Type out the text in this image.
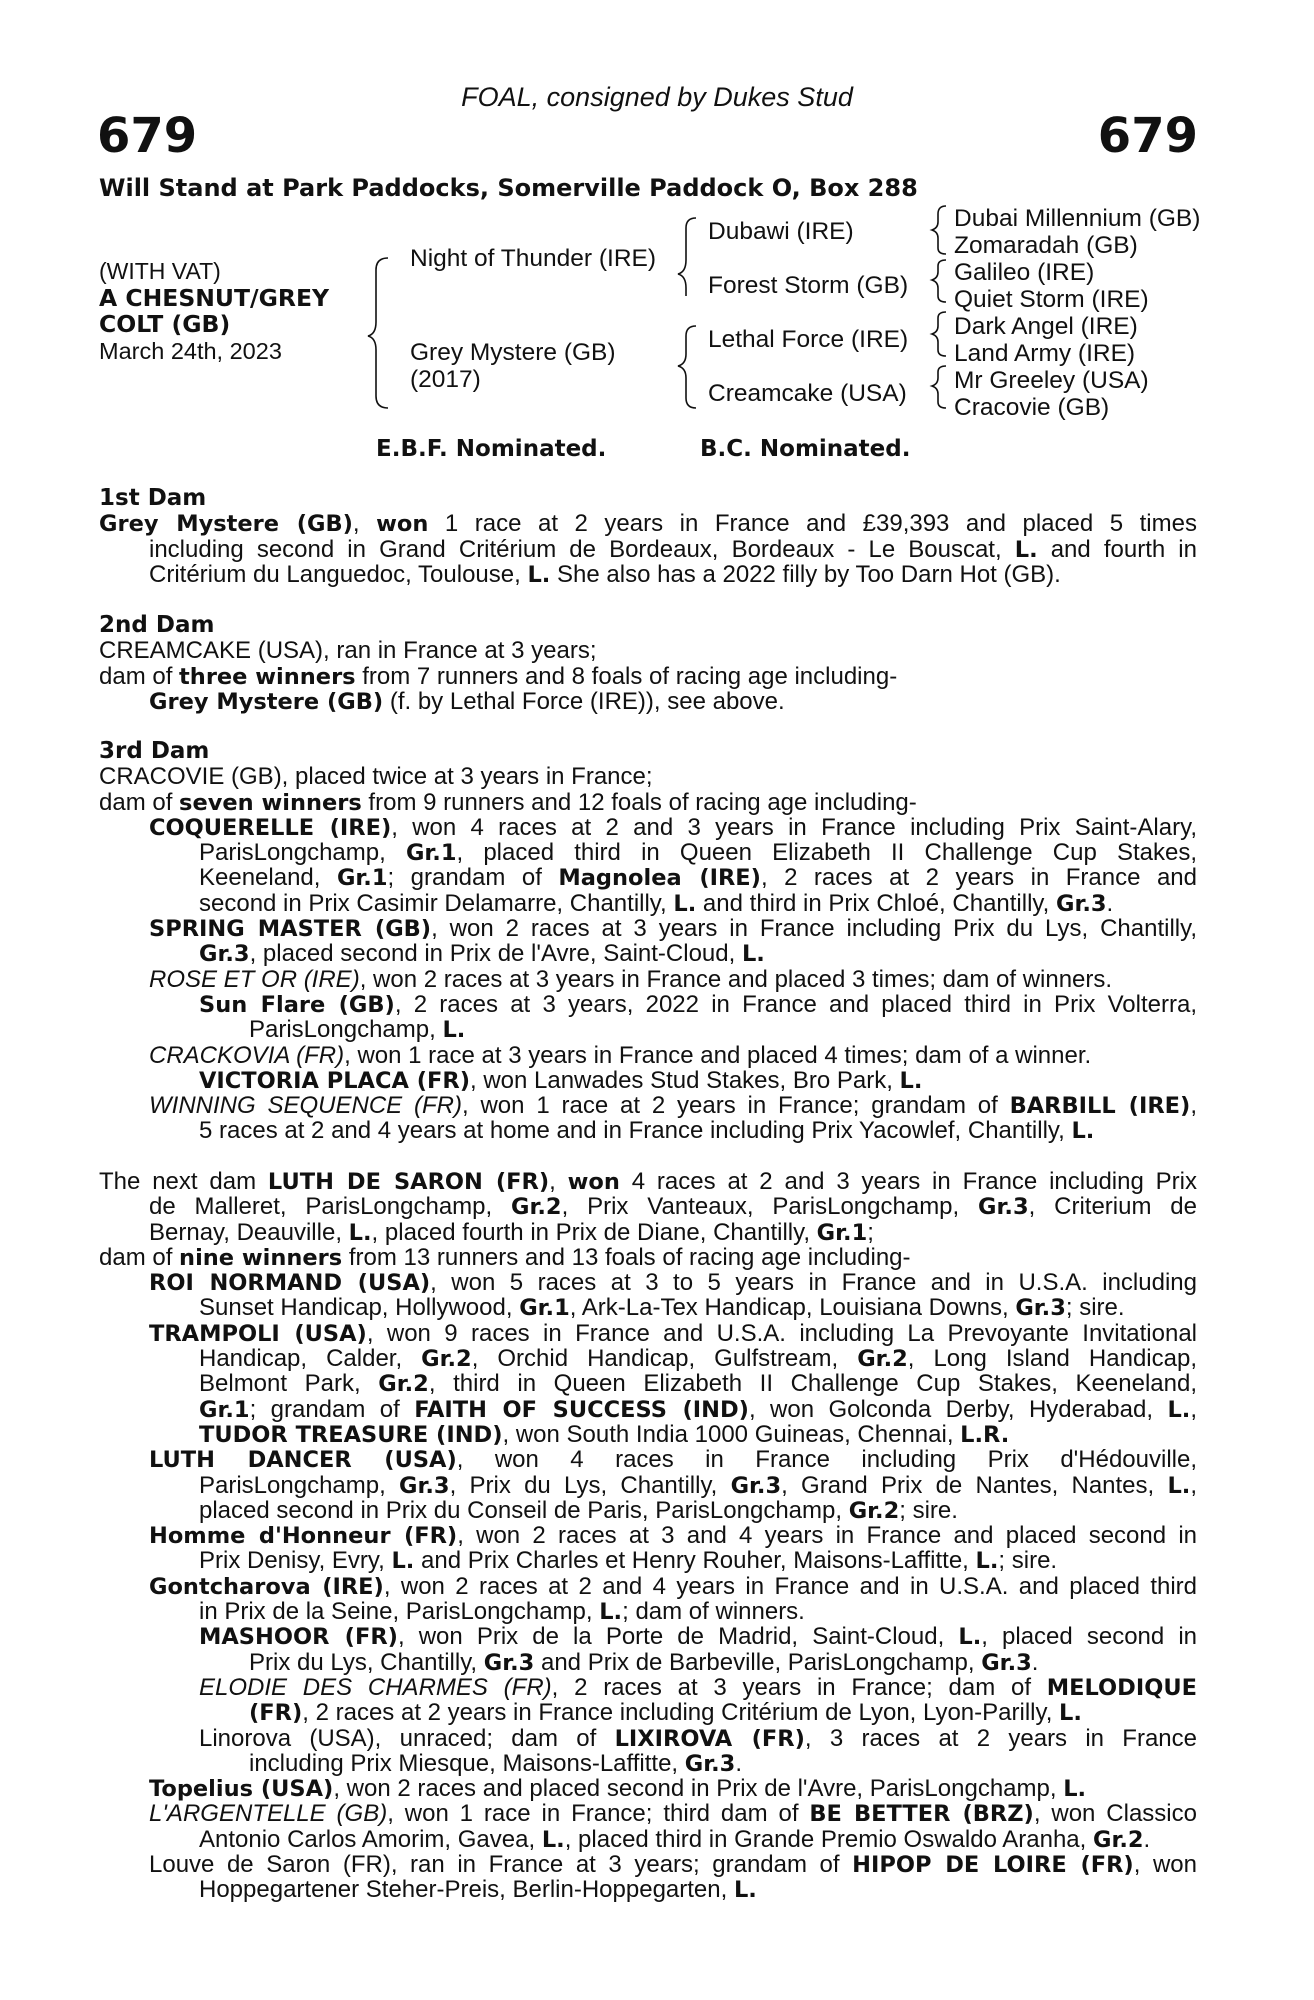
FOAL, consigned by Dukes Stud
679	679
Will Stand at Park Paddocks, Somerville Paddock O, Box 288
(WITH VAT)
A CHESNUT/GREY
COLT (GB)
March 24th, 2023
Night of Thunder (IRE)
Grey Mystere (GB)
(2017)
Dubawi (IRE)
Forest Storm (GB)
Lethal Force (IRE)
Creamcake (USA)
Dubai Millennium (GB)
Zomaradah (GB)
Galileo (IRE)
Quiet Storm (IRE)
Dark Angel (IRE)
Land Army (IRE)
Mr Greeley (USA)
Cracovie (GB)
E.B.F. Nominated.	B.C. Nominated.
1st Dam
Grey Mystere (GB), won 1 race at 2 years in France and £39,393 and placed 5 times
including second in Grand Critérium de Bordeaux, Bordeaux - Le Bouscat, L. and fourth in
Critérium du Languedoc, Toulouse, L. She also has a 2022 filly by Too Darn Hot (GB).
2nd Dam
CREAMCAKE (USA), ran in France at 3 years;
dam of three winners from 7 runners and 8 foals of racing age including-
Grey Mystere (GB) (f. by Lethal Force (IRE)), see above.
3rd Dam
CRACOVIE (GB), placed twice at 3 years in France;
dam of seven winners from 9 runners and 12 foals of racing age including-
COQUERELLE (IRE), won 4 races at 2 and 3 years in France including Prix Saint-Alary,
ParisLongchamp, Gr.1, placed third in Queen Elizabeth II Challenge Cup Stakes,
Keeneland, Gr.1; grandam of Magnolea (IRE), 2 races at 2 years in France and
second in Prix Casimir Delamarre, Chantilly, L. and third in Prix Chloé, Chantilly, Gr.3.
SPRING MASTER (GB), won 2 races at 3 years in France including Prix du Lys, Chantilly,
Gr.3, placed second in Prix de l'Avre, Saint-Cloud, L.
ROSE ET OR (IRE), won 2 races at 3 years in France and placed 3 times; dam of winners.
Sun Flare (GB), 2 races at 3 years, 2022 in France and placed third in Prix Volterra,
ParisLongchamp, L.
CRACKOVIA (FR), won 1 race at 3 years in France and placed 4 times; dam of a winner.
VICTORIA PLACA (FR), won Lanwades Stud Stakes, Bro Park, L.
WINNING SEQUENCE (FR), won 1 race at 2 years in France; grandam of BARBILL (IRE),
5 races at 2 and 4 years at home and in France including Prix Yacowlef, Chantilly, L.
The next dam LUTH DE SARON (FR), won 4 races at 2 and 3 years in France including Prix
de Malleret, ParisLongchamp, Gr.2, Prix Vanteaux, ParisLongchamp, Gr.3, Criterium de
Bernay, Deauville, L., placed fourth in Prix de Diane, Chantilly, Gr.1;
dam of nine winners from 13 runners and 13 foals of racing age including-
ROI NORMAND (USA), won 5 races at 3 to 5 years in France and in U.S.A. including
Sunset Handicap, Hollywood, Gr.1, Ark-La-Tex Handicap, Louisiana Downs, Gr.3; sire.
TRAMPOLI (USA), won 9 races in France and U.S.A. including La Prevoyante Invitational
Handicap, Calder, Gr.2, Orchid Handicap, Gulfstream, Gr.2, Long Island Handicap,
Belmont Park, Gr.2, third in Queen Elizabeth II Challenge Cup Stakes, Keeneland,
Gr.1; grandam of FAITH OF SUCCESS (IND), won Golconda Derby, Hyderabad, L.,
TUDOR TREASURE (IND), won South India 1000 Guineas, Chennai, L.R.
LUTH DANCER (USA), won 4 races in France including Prix d'Hédouville,
ParisLongchamp, Gr.3, Prix du Lys, Chantilly, Gr.3, Grand Prix de Nantes, Nantes, L.,
placed second in Prix du Conseil de Paris, ParisLongchamp, Gr.2; sire.
Homme d'Honneur (FR), won 2 races at 3 and 4 years in France and placed second in
Prix Denisy, Evry, L. and Prix Charles et Henry Rouher, Maisons-Laffitte, L.; sire.
Gontcharova (IRE), won 2 races at 2 and 4 years in France and in U.S.A. and placed third
in Prix de la Seine, ParisLongchamp, L.; dam of winners.
MASHOOR (FR), won Prix de la Porte de Madrid, Saint-Cloud, L., placed second in
Prix du Lys, Chantilly, Gr.3 and Prix de Barbeville, ParisLongchamp, Gr.3.
ELODIE DES CHARMES (FR), 2 races at 3 years in France; dam of MELODIQUE
(FR), 2 races at 2 years in France including Critérium de Lyon, Lyon-Parilly, L.
Linorova (USA), unraced; dam of LIXIROVA (FR), 3 races at 2 years in France
including Prix Miesque, Maisons-Laffitte, Gr.3.
Topelius (USA), won 2 races and placed second in Prix de l'Avre, ParisLongchamp, L.
L'ARGENTELLE (GB), won 1 race in France; third dam of BE BETTER (BRZ), won Classico
Antonio Carlos Amorim, Gavea, L., placed third in Grande Premio Oswaldo Aranha, Gr.2.
Louve de Saron (FR), ran in France at 3 years; grandam of HIPOP DE LOIRE (FR), won
Hoppegartener Steher-Preis, Berlin-Hoppegarten, L.
